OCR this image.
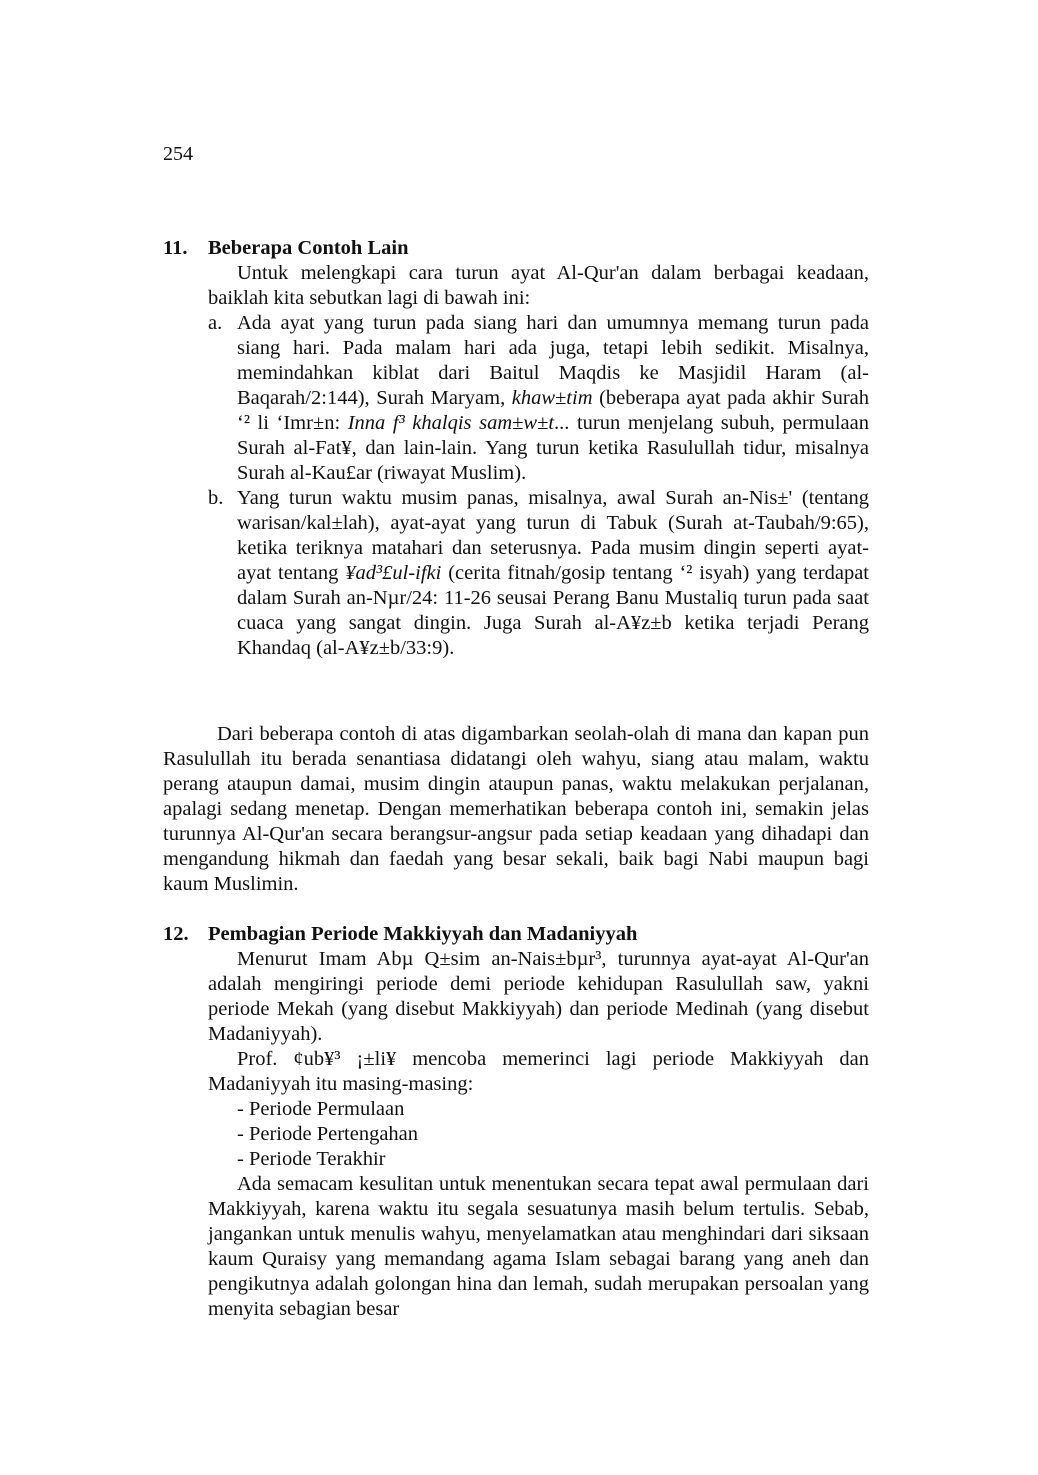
254
11. Beberapa Contoh Lain
Untuk melengkapi cara turun ayat Al-Qur'an dalam berbagai keadaan, baiklah kita sebutkan lagi di bawah ini:
a. Ada ayat yang turun pada siang hari dan umumnya memang turun pada siang hari. Pada malam hari ada juga, tetapi lebih sedikit. Misalnya, memindahkan kiblat dari Baitul Maqdis ke Masjidil Haram (al-Baqarah/2:144), Surah Maryam, khaw±tim (beberapa ayat pada akhir Surah ‘² li ‘Imr±n: Inna f³ khalqis sam±w±t... turun menjelang subuh, permulaan Surah al-Fat¥, dan lain-lain. Yang turun ketika Rasulullah tidur, misalnya Surah al-Kau£ar (riwayat Muslim).
b. Yang turun waktu musim panas, misalnya, awal Surah an-Nis±' (tentang warisan/kal±lah), ayat-ayat yang turun di Tabuk (Surah at-Taubah/9:65), ketika teriknya matahari dan seterusnya. Pada musim dingin seperti ayat-ayat tentang ¥ad³£ul-ifki (cerita fitnah/gosip tentang ‘² isyah) yang terdapat dalam Surah an-Nµr/24: 11-26 seusai Perang Banu Mustaliq turun pada saat cuaca yang sangat dingin. Juga Surah al-A¥z±b ketika terjadi Perang Khandaq (al-A¥z±b/33:9).
Dari beberapa contoh di atas digambarkan seolah-olah di mana dan kapan pun Rasulullah itu berada senantiasa didatangi oleh wahyu, siang atau malam, waktu perang ataupun damai, musim dingin ataupun panas, waktu melakukan perjalanan, apalagi sedang menetap. Dengan memerhatikan beberapa contoh ini, semakin jelas turunnya Al-Qur'an secara berangsur-angsur pada setiap keadaan yang dihadapi dan mengandung hikmah dan faedah yang besar sekali, baik bagi Nabi maupun bagi kaum Muslimin.
12. Pembagian Periode Makkiyyah dan Madaniyyah
Menurut Imam Abµ Q±sim an-Nais±bµr³, turunnya ayat-ayat Al-Qur'an adalah mengiringi periode demi periode kehidupan Rasulullah saw, yakni periode Mekah (yang disebut Makkiyyah) dan periode Medinah (yang disebut Madaniyyah).
Prof. ¢ub¥³ ¡±li¥ mencoba memerinci lagi periode Makkiyyah dan Madaniyyah itu masing-masing:
- Periode Permulaan
- Periode Pertengahan
- Periode Terakhir
Ada semacam kesulitan untuk menentukan secara tepat awal permulaan dari Makkiyyah, karena waktu itu segala sesuatunya masih belum tertulis. Sebab, jangankan untuk menulis wahyu, menyelamatkan atau menghindari dari siksaan kaum Quraisy yang memandang agama Islam sebagai barang yang aneh dan pengikutnya adalah golongan hina dan lemah, sudah merupakan persoalan yang menyita sebagian besar
